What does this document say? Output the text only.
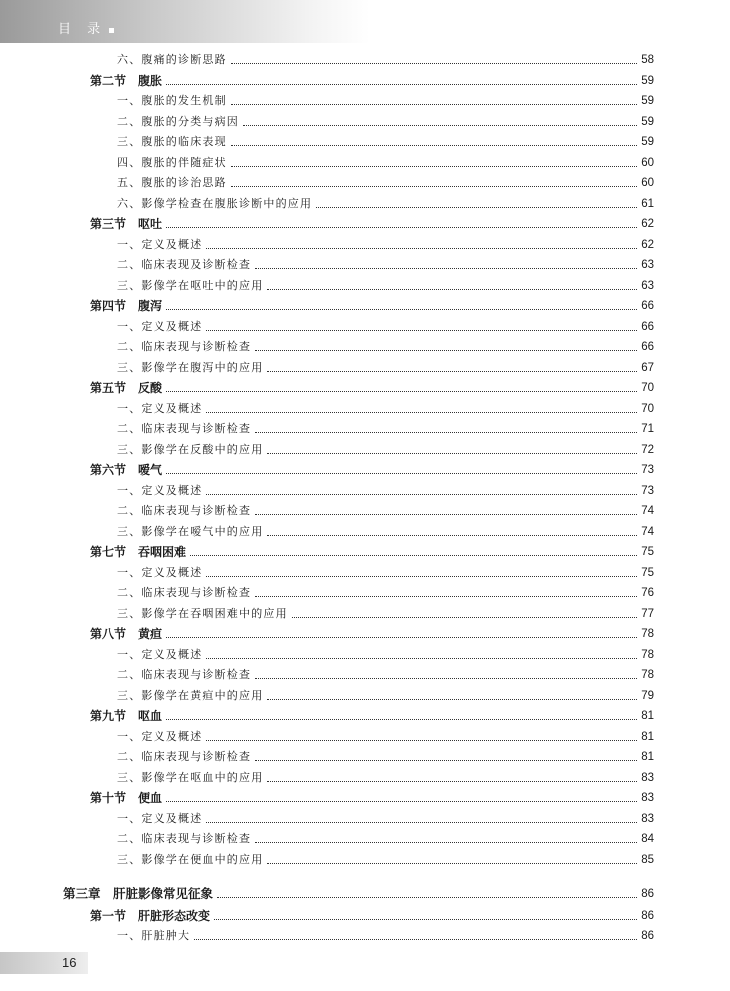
目 录
六、腹痛的诊断思路	58
第二节　腹胀	59
一、腹胀的发生机制	59
二、腹胀的分类与病因	59
三、腹胀的临床表现	59
四、腹胀的伴随症状	60
五、腹胀的诊治思路	60
六、影像学检查在腹胀诊断中的应用	61
第三节　呕吐	62
一、定义及概述	62
二、临床表现及诊断检查	63
三、影像学在呕吐中的应用	63
第四节　腹泻	66
一、定义及概述	66
二、临床表现与诊断检查	66
三、影像学在腹泻中的应用	67
第五节　反酸	70
一、定义及概述	70
二、临床表现与诊断检查	71
三、影像学在反酸中的应用	72
第六节　嗳气	73
一、定义及概述	73
二、临床表现与诊断检查	74
三、影像学在嗳气中的应用	74
第七节　吞咽困难	75
一、定义及概述	75
二、临床表现与诊断检查	76
三、影像学在吞咽困难中的应用	77
第八节　黄疸	78
一、定义及概述	78
二、临床表现与诊断检查	78
三、影像学在黄疸中的应用	79
第九节　呕血	81
一、定义及概述	81
二、临床表现与诊断检查	81
三、影像学在呕血中的应用	83
第十节　便血	83
一、定义及概述	83
二、临床表现与诊断检查	84
三、影像学在便血中的应用	85
第三章　肝脏影像常见征象	86
第一节　肝脏形态改变	86
一、肝脏肿大	86
16
